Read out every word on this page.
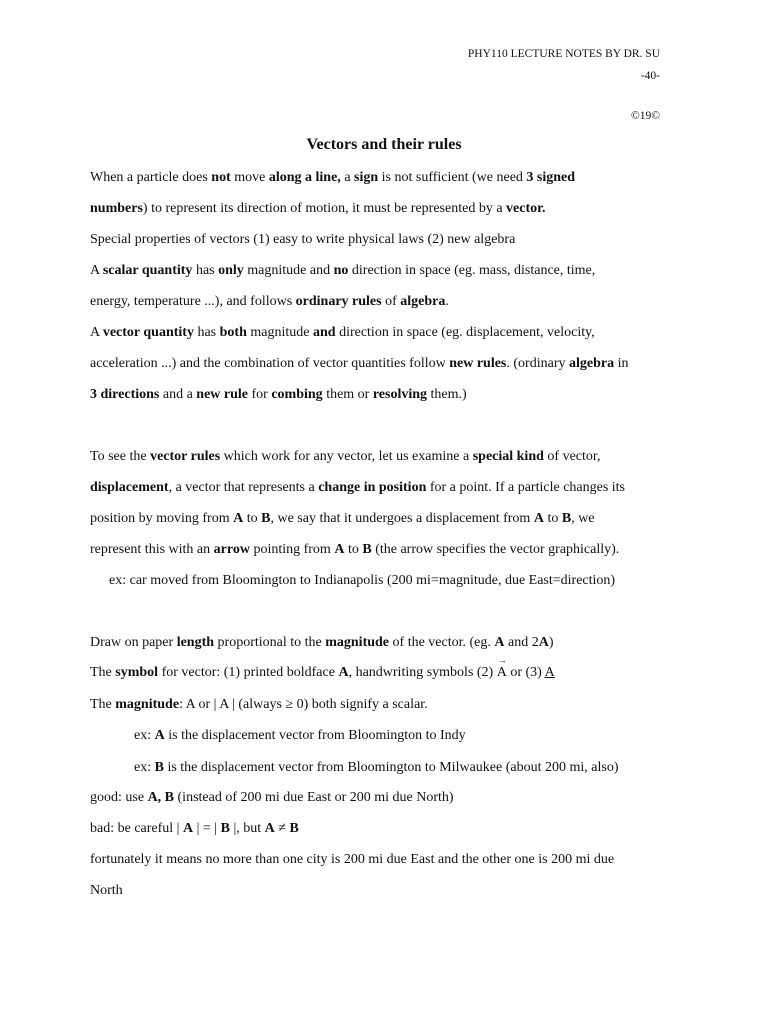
PHY110 LECTURE NOTES BY DR. SU
-40-
©19©
Vectors and their rules
When a particle does not move along a line, a sign is not sufficient (we need 3 signed
numbers) to represent its direction of motion, it must be represented by a vector.
Special properties of vectors (1) easy to write physical laws (2) new algebra
A scalar quantity has only magnitude and no direction in space (eg. mass, distance, time,
energy, temperature ...), and follows ordinary rules of algebra.
A vector quantity has both magnitude and direction in space (eg. displacement, velocity,
acceleration ...) and the combination of vector quantities follow new rules. (ordinary algebra in
3 directions and a new rule for combing them or resolving them.)
To see the vector rules which work for any vector, let us examine a special kind of vector,
displacement, a vector that represents a change in position for a point. If a particle changes its
position by moving from A to B, we say that it undergoes a displacement from A to B, we
represent this with an arrow pointing from A to B (the arrow specifies the vector graphically).
ex: car moved from Bloomington to Indianapolis (200 mi=magnitude, due East=direction)
Draw on paper length proportional to the magnitude of the vector. (eg. A and 2A)
The symbol for vector: (1) printed boldface A, handwriting symbols (2)
→
A or (3) A
The magnitude: A or | A | (always ≥ 0) both signify a scalar.
ex: A is the displacement vector from Bloomington to Indy
ex: B is the displacement vector from Bloomington to Milwaukee (about 200 mi, also)
good: use A, B (instead of 200 mi due East or 200 mi due North)
bad: be careful | A | = | B |, but A ≠ B
fortunately it means no more than one city is 200 mi due East and the other one is 200 mi due
North
